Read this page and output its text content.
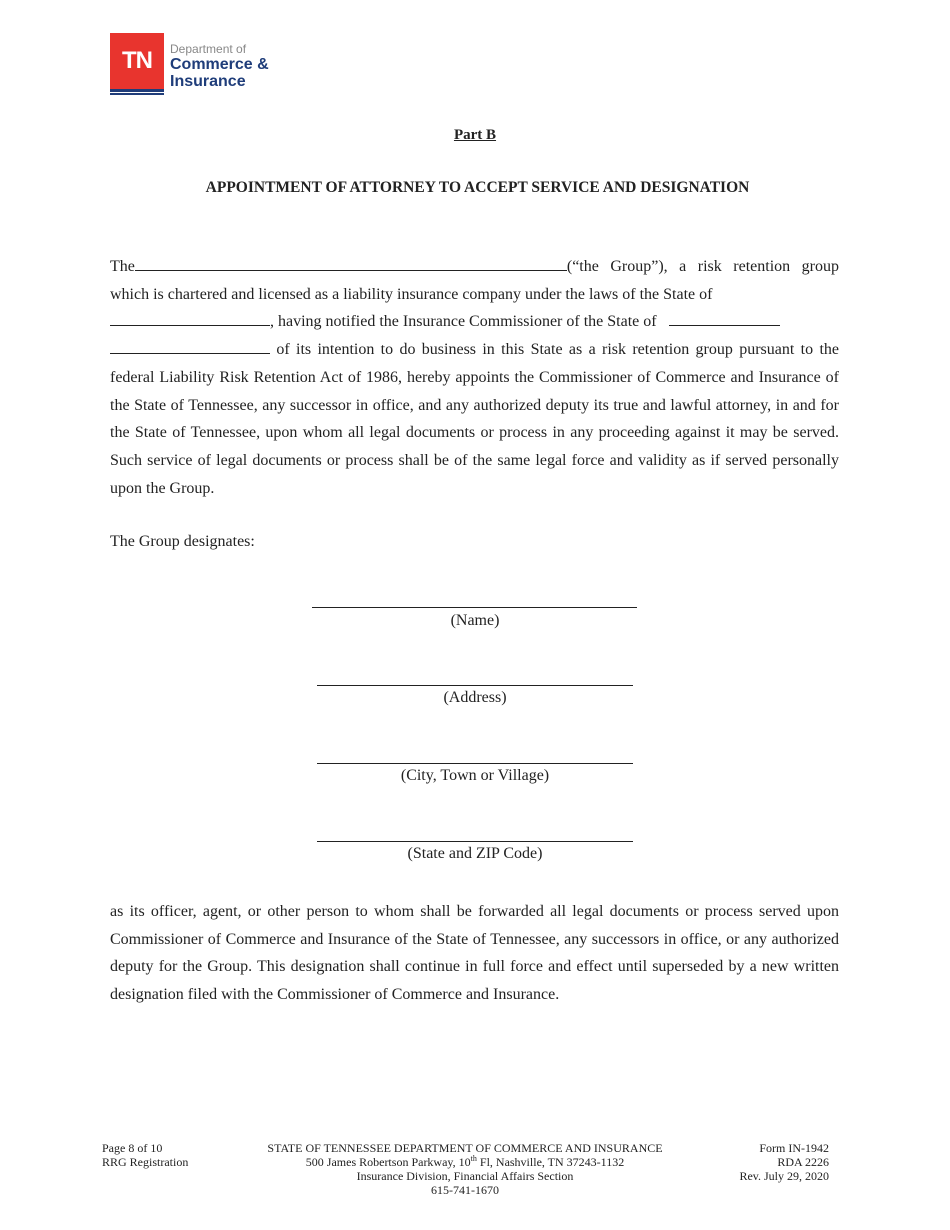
TN	Department of
Commerce &
Insurance
Part B
APPOINTMENT OF ATTORNEY TO ACCEPT SERVICE AND DESIGNATION

The	(“the Group”), a risk retention group which is chartered and licensed as a liability insurance company under the laws of the State of
, having notified the Insurance Commissioner of the State of
of its intention to do business in this State as a risk retention group pursuant to the federal Liability Risk Retention Act of 1986, hereby appoints the Commissioner of Commerce and Insurance of the State of Tennessee, any successor in office, and any authorized deputy its true and lawful attorney, in and for the State of Tennessee, upon whom all legal documents or process in any proceeding against it may be served. Such service of legal documents or process shall be of the same legal force and validity as if served personally upon the Group.

The Group designates:
(Name)
(Address)
(City, Town or Village)
(State and ZIP Code)

as its officer, agent, or other person to whom shall be forwarded all legal documents or process served upon Commissioner of Commerce and Insurance of the State of Tennessee, any successors in office, or any authorized deputy for the Group. This designation shall continue in full force and effect until superseded by a new written designation filed with the Commissioner of Commerce and Insurance.

Page 8 of 10
RRG Registration
STATE OF TENNESSEE DEPARTMENT OF COMMERCE AND INSURANCE
500 James Robertson Parkway, 10th Fl, Nashville, TN 37243-1132
Insurance Division, Financial Affairs Section
615-741-1670
Form IN-1942
RDA 2226
Rev. July 29, 2020
